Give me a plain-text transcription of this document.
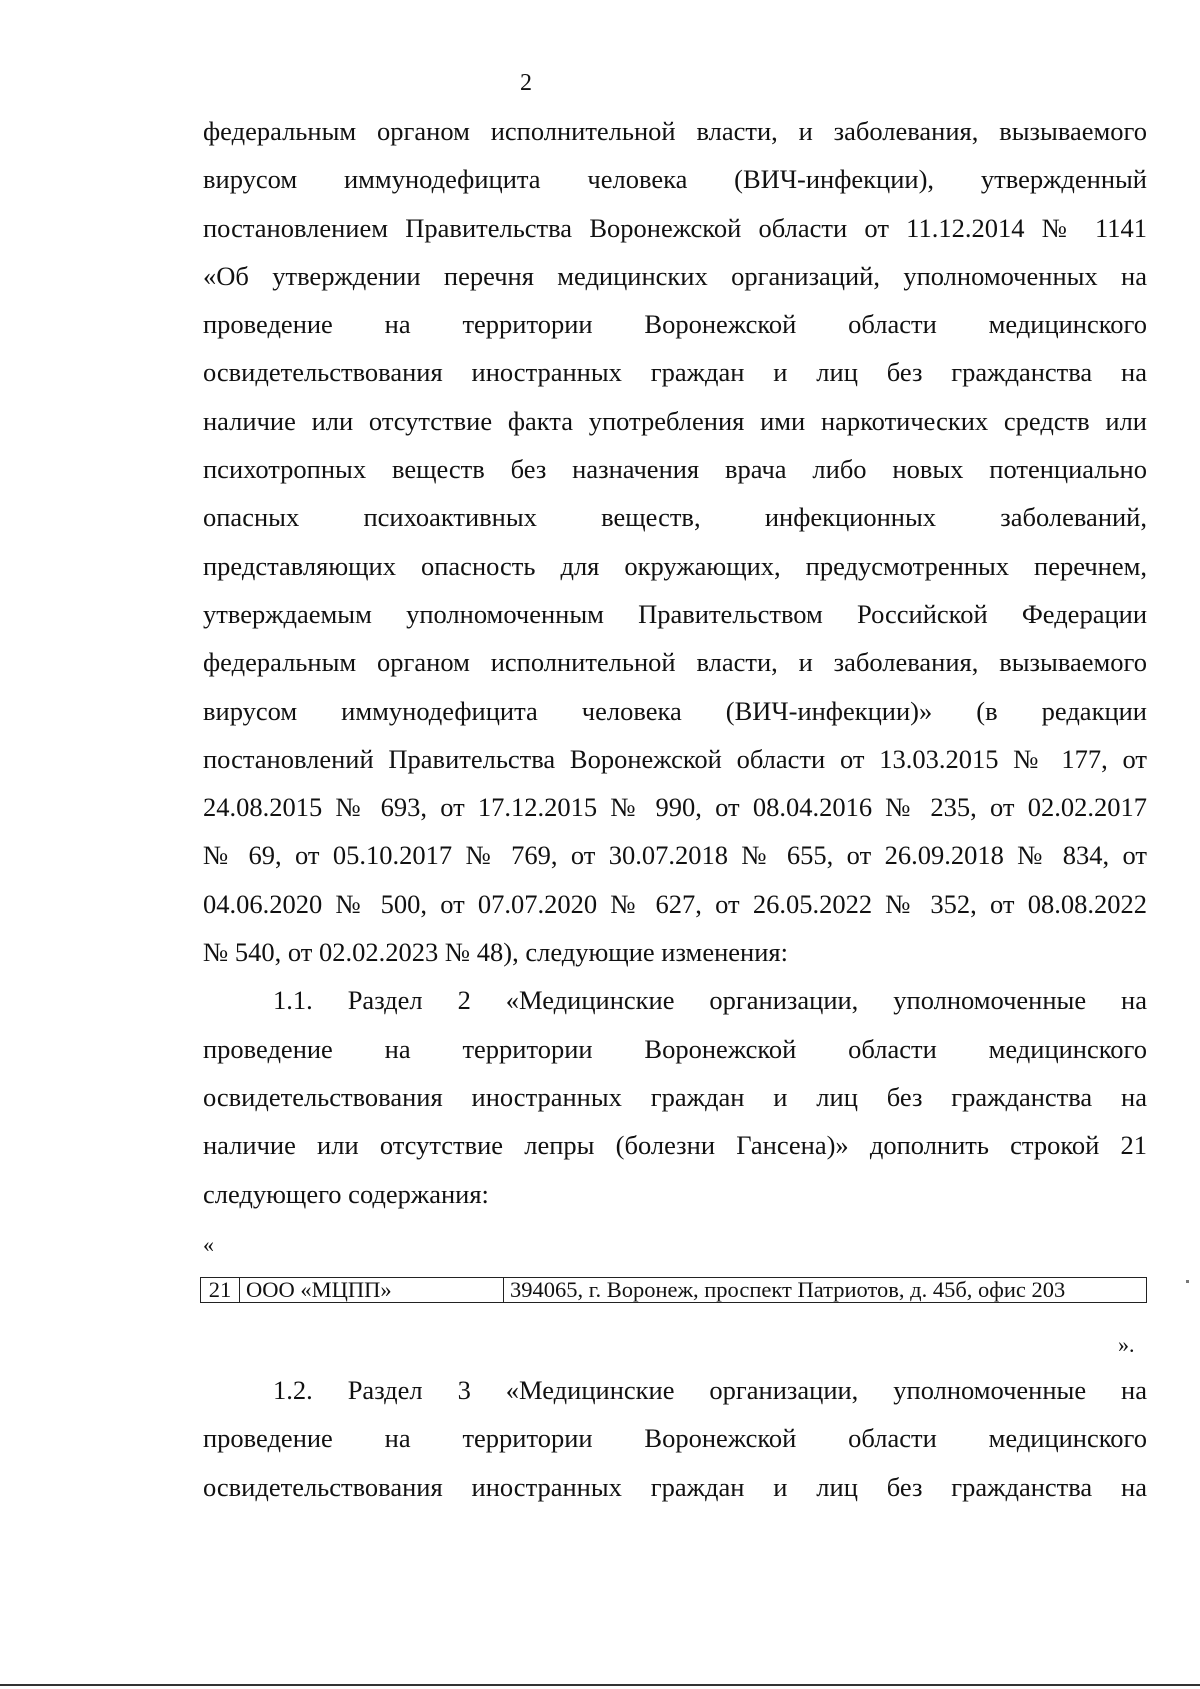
2
федеральным органом исполнительной власти, и заболевания, вызываемого
вирусом иммунодефицита человека (ВИЧ-инфекции), утвержденный
постановлением Правительства Воронежской области от 11.12.2014 № 1141
«Об утверждении перечня медицинских организаций, уполномоченных на
проведение на территории Воронежской области медицинского
освидетельствования иностранных граждан и лиц без гражданства на
наличие или отсутствие факта употребления ими наркотических средств или
психотропных веществ без назначения врача либо новых потенциально
опасных психоактивных веществ, инфекционных заболеваний,
представляющих опасность для окружающих, предусмотренных перечнем,
утверждаемым уполномоченным Правительством Российской Федерации
федеральным органом исполнительной власти, и заболевания, вызываемого
вирусом иммунодефицита человека (ВИЧ-инфекции)» (в редакции
постановлений Правительства Воронежской области от 13.03.2015 № 177, от
24.08.2015 № 693, от 17.12.2015 № 990, от 08.04.2016 № 235, от 02.02.2017
№ 69, от 05.10.2017 № 769, от 30.07.2018 № 655, от 26.09.2018 № 834, от
04.06.2020 № 500, от 07.07.2020 № 627, от 26.05.2022 № 352, от 08.08.2022
№ 540, от 02.02.2023 № 48), следующие изменения:
1.1. Раздел 2 «Медицинские организации, уполномоченные на
проведение на территории Воронежской области медицинского
освидетельствования иностранных граждан и лиц без гражданства на
наличие или отсутствие лепры (болезни Гансена)» дополнить строкой 21
следующего содержания:
«
21	ООО «МЦПП»	394065, г. Воронеж, проспект Патриотов, д. 45б, офис 203
».
1.2. Раздел 3 «Медицинские организации, уполномоченные на
проведение на территории Воронежской области медицинского
освидетельствования иностранных граждан и лиц без гражданства на
